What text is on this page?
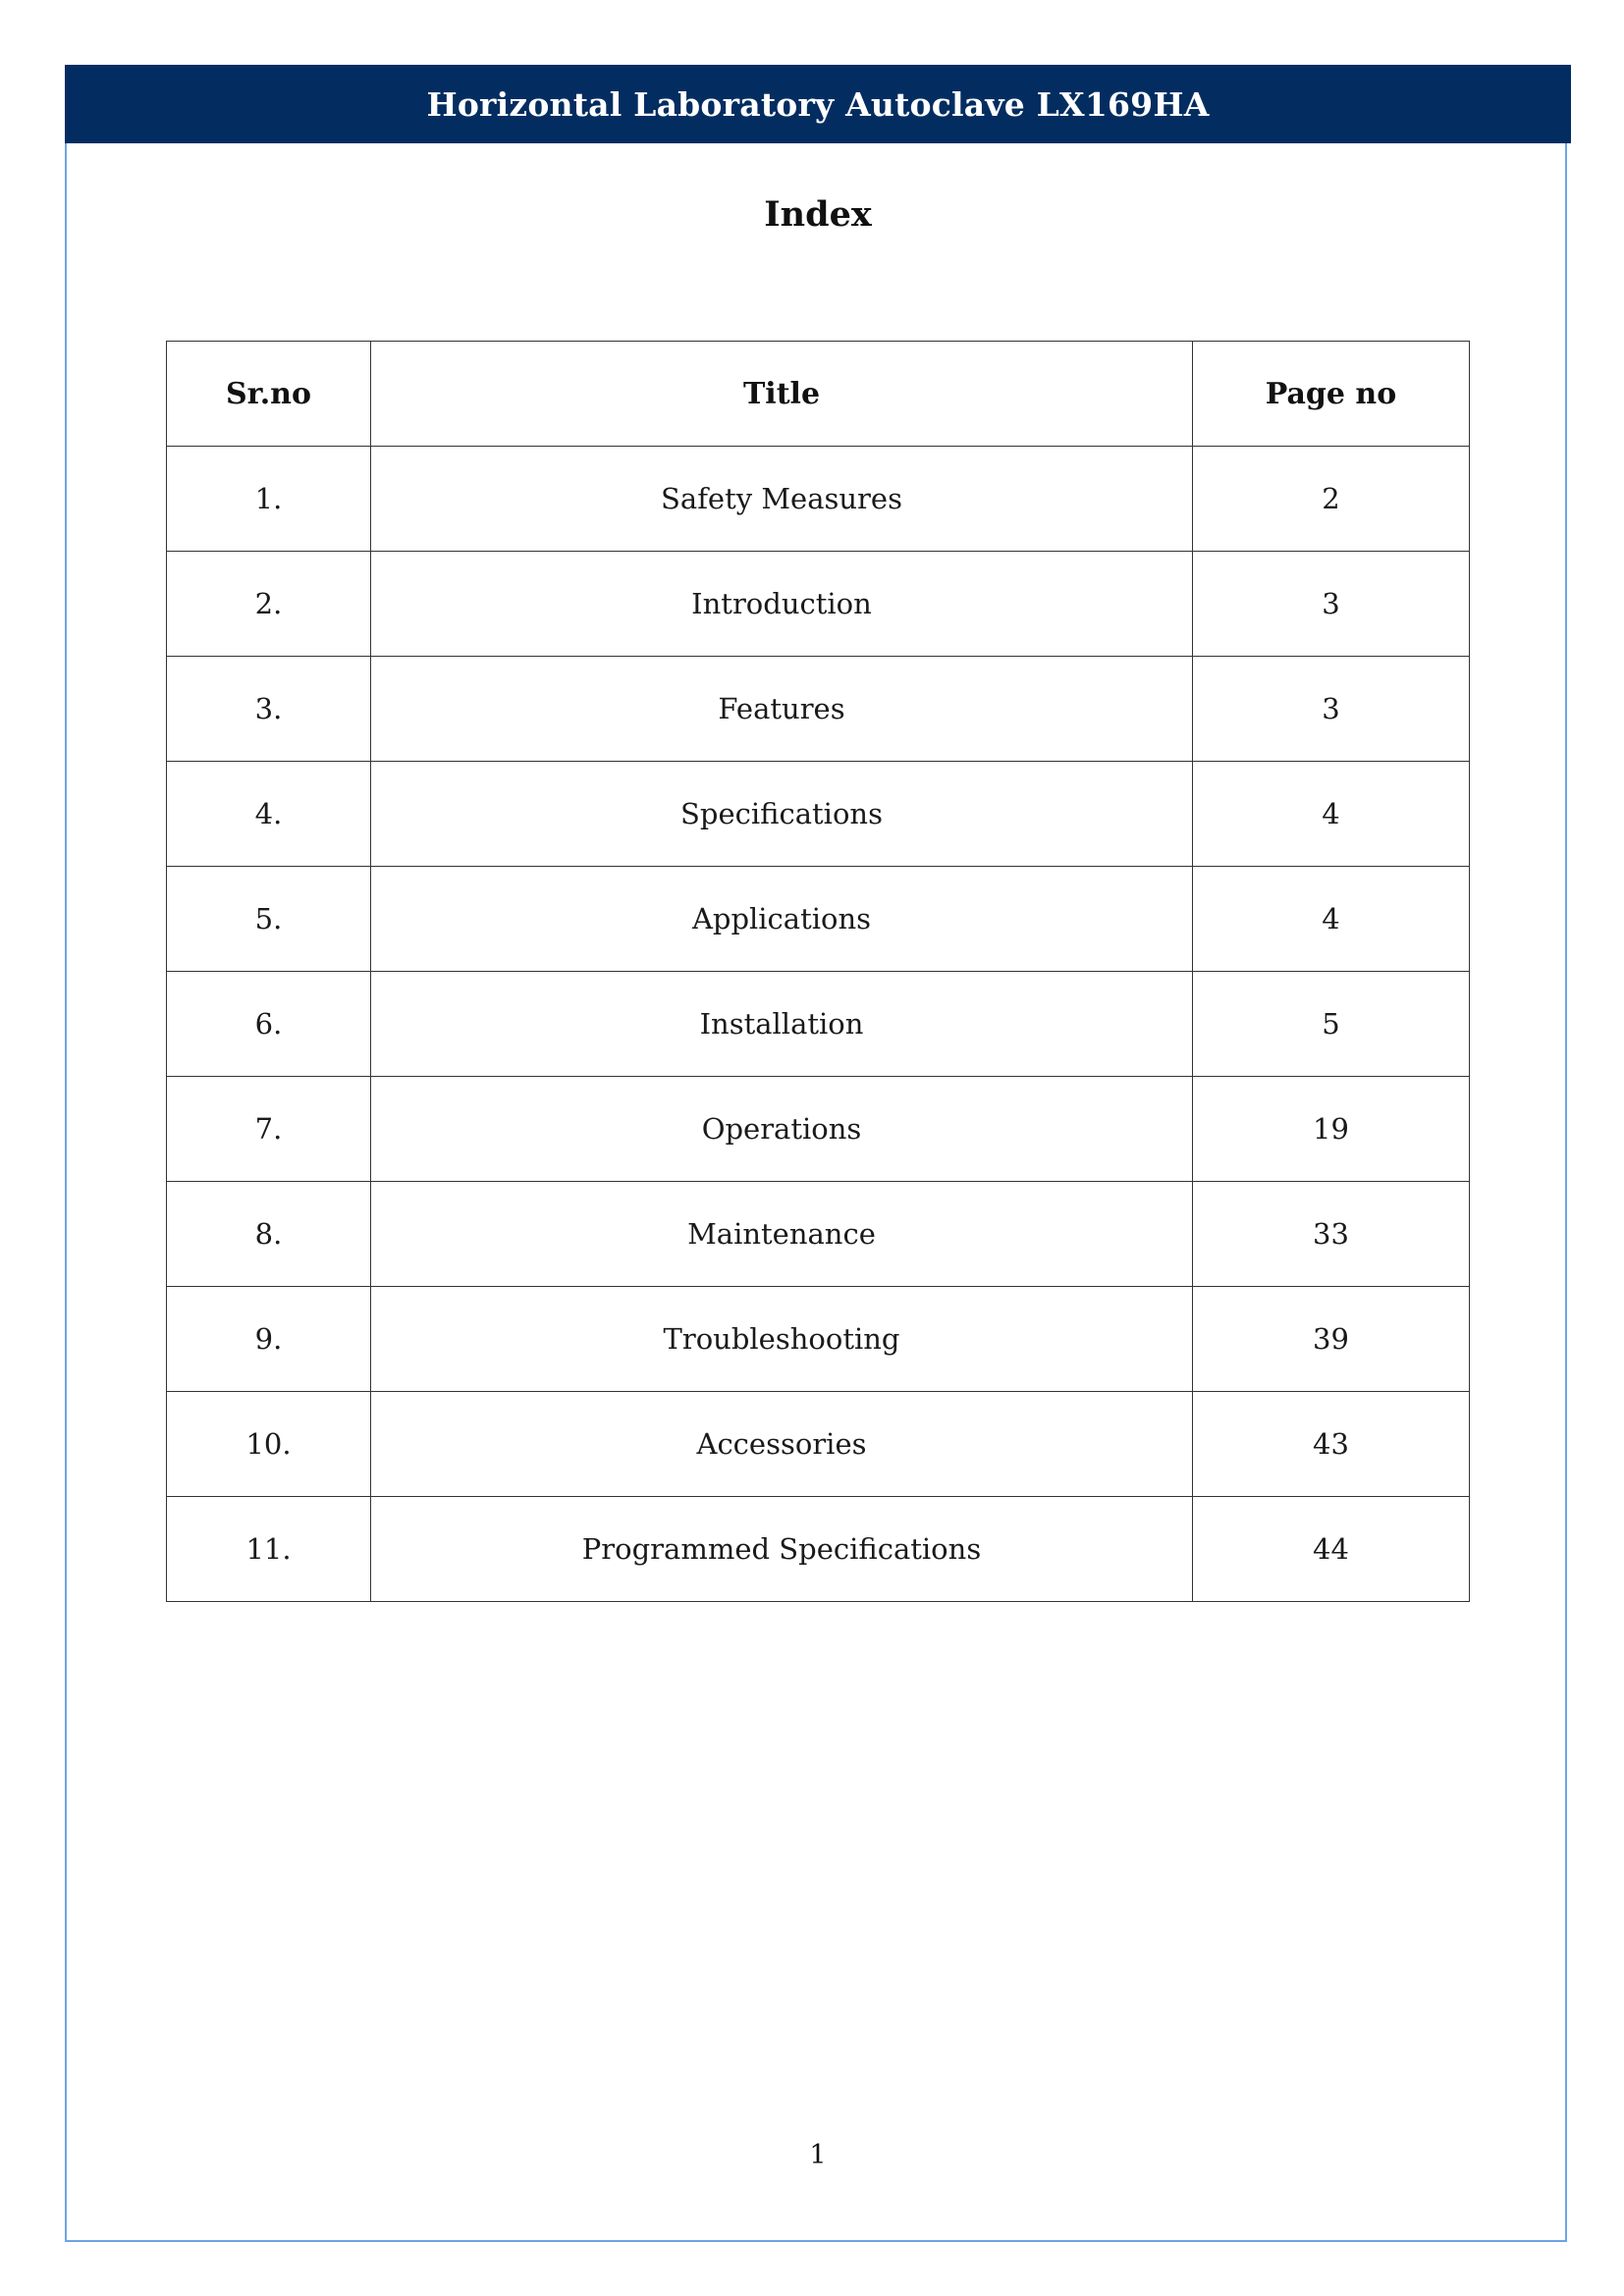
Horizontal Laboratory Autoclave LX169HA
Index
Sr.no	Title	Page no
1.	Safety Measures	2
2.	Introduction	3
3.	Features	3
4.	Specifications	4
5.	Applications	4
6.	Installation	5
7.	Operations	19
8.	Maintenance	33
9.	Troubleshooting	39
10.	Accessories	43
11.	Programmed Specifications	44
1
